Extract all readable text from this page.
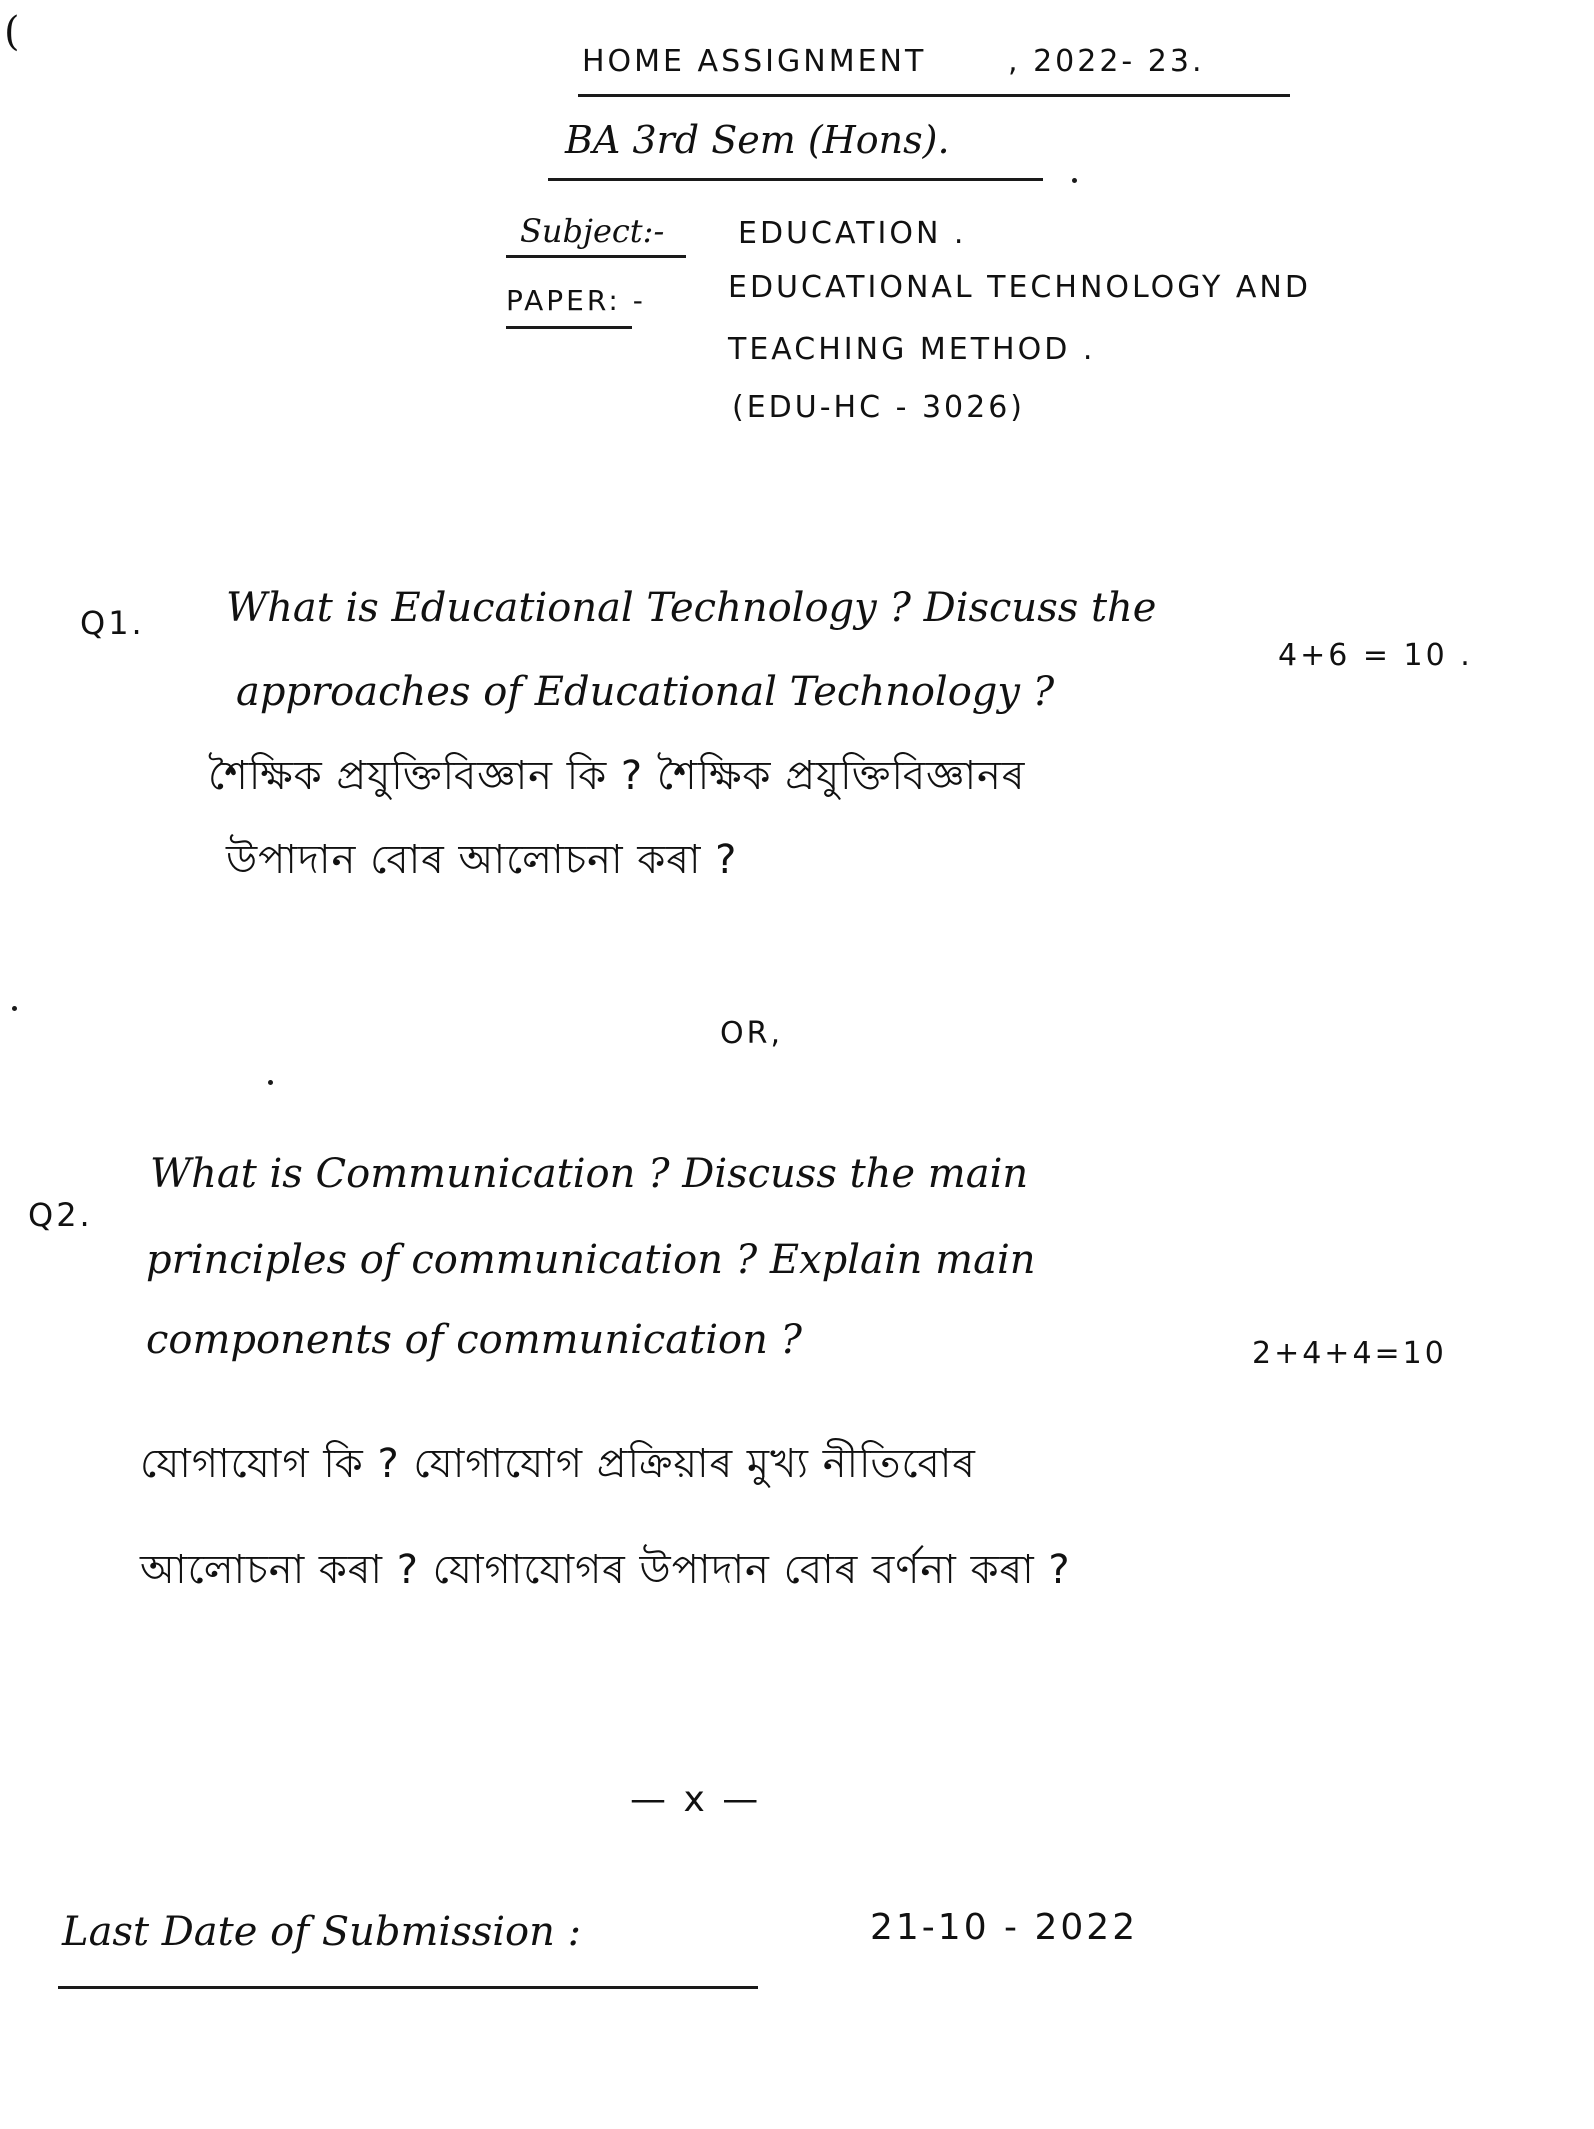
(
HOME ASSIGNMENT	, 2022- 23.
BA 3rd Sem (Hons).
Subject:- EDUCATION .
PAPER: -	EDUCATIONAL TECHNOLOGY AND
TEACHING METHOD .
(EDU-HC - 3026)
Q1. What is Educational Technology ? Discuss the
approaches of Educational Technology ?
4+6 = 10 .
শৈক্ষিক প্ৰযুক্তিবিজ্ঞান কি ? শৈক্ষিক প্ৰযুক্তিবিজ্ঞানৰ
উপাদান বোৰ আলোচনা কৰা ?
OR,
Q2.
What is Communication ? Discuss the main
principles of communication ? Explain main
components of communication ?	2+4+4=10
যোগাযোগ কি ? যোগাযোগ প্ৰক্ৰিয়াৰ মুখ্য নীতিবোৰ
আলোচনা কৰা ? যোগাযোগৰ উপাদান বোৰ বৰ্ণনা কৰা ?
— x —
Last Date of Submission :	21-10 - 2022
